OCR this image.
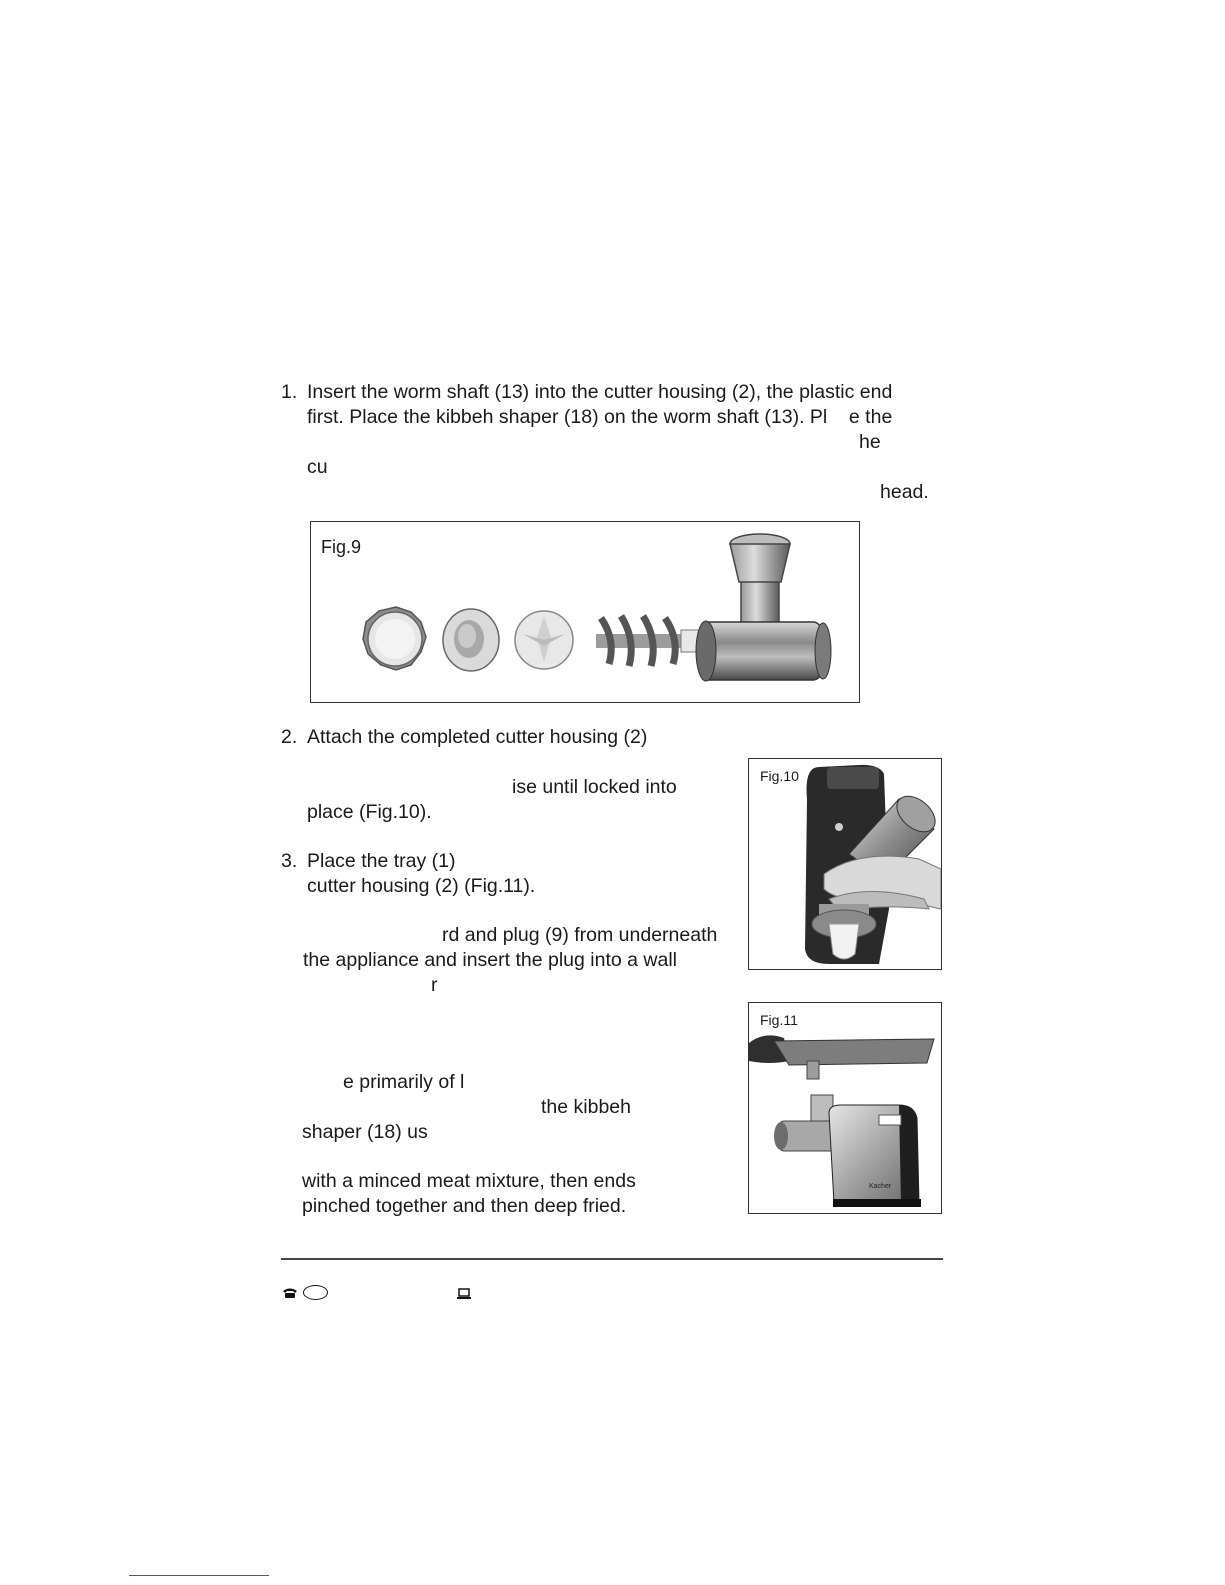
1. Insert the worm shaft (13) into the cutter housing (2), the plastic end
first. Place the kibbeh shaper (18) on the worm shaft (13). Pl    e the
he
cu
head.
Fig.9
2. Attach the completed cutter housing (2)
ise until locked into
place (Fig.10).
3. Place the tray (1)
cutter housing (2) (Fig.11).
rd and plug (9) from underneath
the appliance and insert the plug into a wall
r
e primarily of l
the kibbeh
shaper (18) us
with a minced meat mixture, then ends
pinched together and then deep fried.
Fig.10
Fig.11
Kacher
